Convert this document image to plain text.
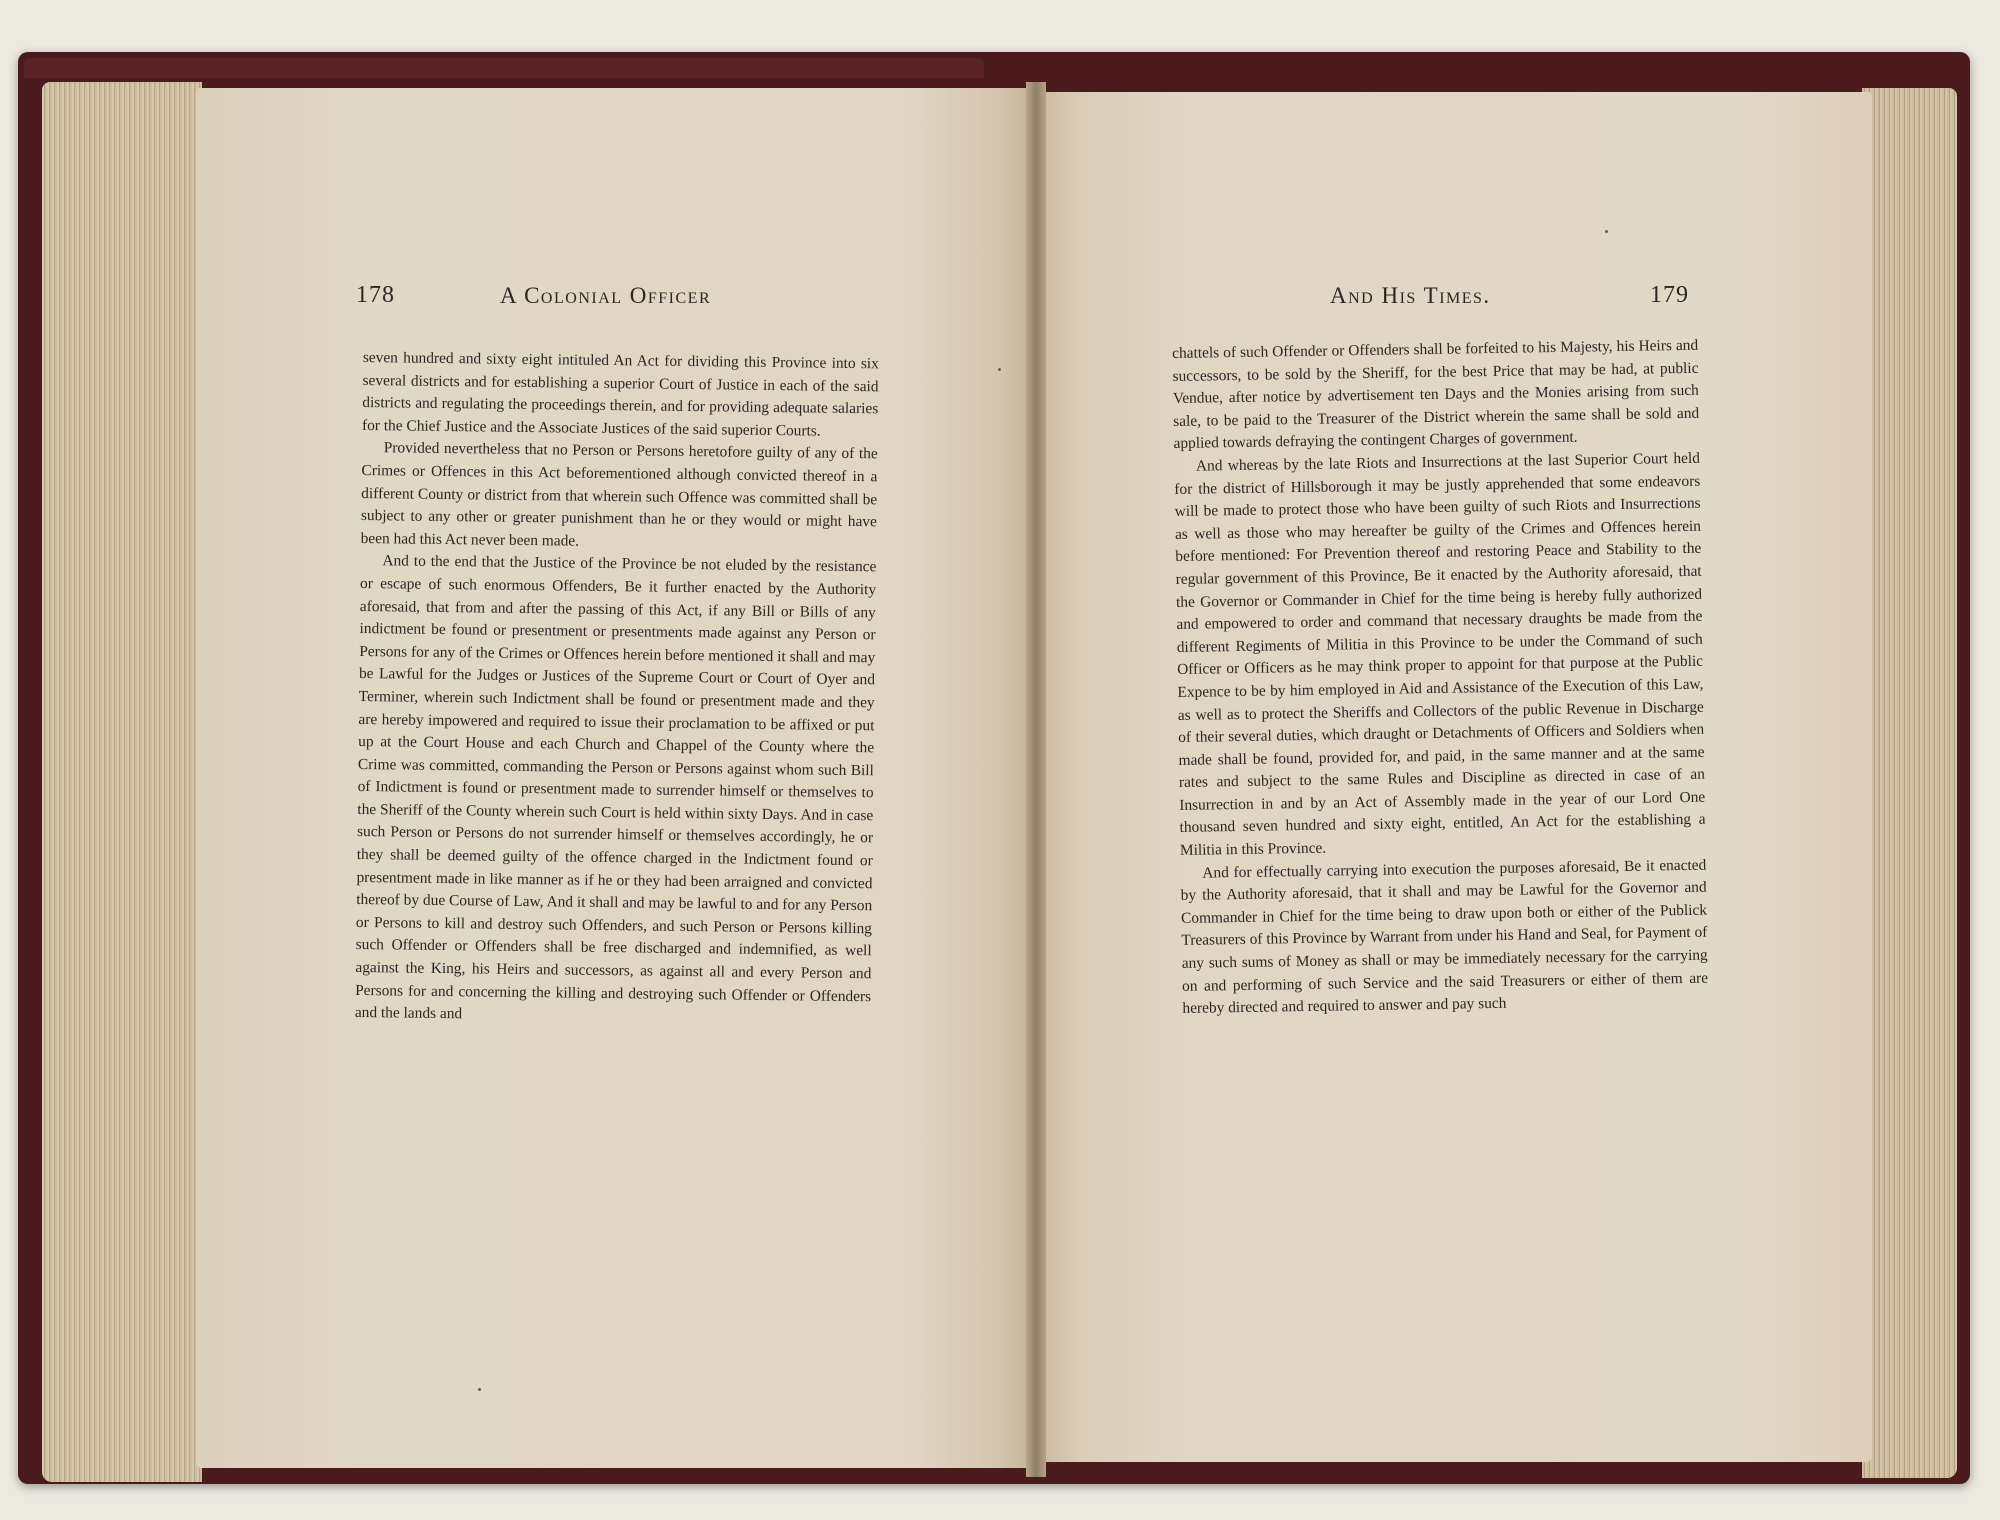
178	A Colonial Officer	And His Times.	179

seven hundred and sixty eight intituled An Act for dividing this Province into six several districts and for establishing a superior Court of Justice in each of the said districts and regulating the proceedings therein, and for providing adequate salaries for the Chief Justice and the Associate Justices of the said superior Courts.

Provided nevertheless that no Person or Persons heretofore guilty of any of the Crimes or Offences in this Act beforementioned although convicted thereof in a different County or district from that wherein such Offence was committed shall be subject to any other or greater punishment than he or they would or might have been had this Act never been made.

And to the end that the Justice of the Province be not eluded by the resistance or escape of such enormous Offenders, Be it further enacted by the Authority aforesaid, that from and after the passing of this Act, if any Bill or Bills of any indictment be found or presentment or presentments made against any Person or Persons for any of the Crimes or Offences herein before mentioned it shall and may be Lawful for the Judges or Justices of the Supreme Court or Court of Oyer and Terminer, wherein such Indictment shall be found or presentment made and they are hereby impowered and required to issue their proclamation to be affixed or put up at the Court House and each Church and Chappel of the County where the Crime was committed, commanding the Person or Persons against whom such Bill of Indictment is found or presentment made to surrender himself or themselves to the Sheriff of the County wherein such Court is held within sixty Days. And in case such Person or Persons do not surrender himself or themselves accordingly, he or they shall be deemed guilty of the offence charged in the Indictment found or presentment made in like manner as if he or they had been arraigned and convicted thereof by due Course of Law, And it shall and may be lawful to and for any Person or Persons to kill and destroy such Offenders, and such Person or Persons killing such Offender or Offenders shall be free discharged and indemnified, as well against the King, his Heirs and successors, as against all and every Person and Persons for and concerning the killing and destroying such Offender or Offenders and the lands and

chattels of such Offender or Offenders shall be forfeited to his Majesty, his Heirs and successors, to be sold by the Sheriff, for the best Price that may be had, at public Vendue, after notice by advertisement ten Days and the Monies arising from such sale, to be paid to the Treasurer of the District wherein the same shall be sold and applied towards defraying the contingent Charges of government.

And whereas by the late Riots and Insurrections at the last Superior Court held for the district of Hillsborough it may be justly apprehended that some endeavors will be made to protect those who have been guilty of such Riots and Insurrections as well as those who may hereafter be guilty of the Crimes and Offences herein before mentioned: For Prevention thereof and restoring Peace and Stability to the regular government of this Province, Be it enacted by the Authority aforesaid, that the Governor or Commander in Chief for the time being is hereby fully authorized and empowered to order and command that necessary draughts be made from the different Regiments of Militia in this Province to be under the Command of such Officer or Officers as he may think proper to appoint for that purpose at the Public Expence to be by him employed in Aid and Assistance of the Execution of this Law, as well as to protect the Sheriffs and Collectors of the public Revenue in Discharge of their several duties, which draught or Detachments of Officers and Soldiers when made shall be found, provided for, and paid, in the same manner and at the same rates and subject to the same Rules and Discipline as directed in case of an Insurrection in and by an Act of Assembly made in the year of our Lord One thousand seven hundred and sixty eight, entitled, An Act for the establishing a Militia in this Province.

And for effectually carrying into execution the purposes aforesaid, Be it enacted by the Authority aforesaid, that it shall and may be Lawful for the Governor and Commander in Chief for the time being to draw upon both or either of the Publick Treasurers of this Province by Warrant from under his Hand and Seal, for Payment of any such sums of Money as shall or may be immediately necessary for the carrying on and performing of such Service and the said Treasurers or either of them are hereby directed and required to answer and pay such
